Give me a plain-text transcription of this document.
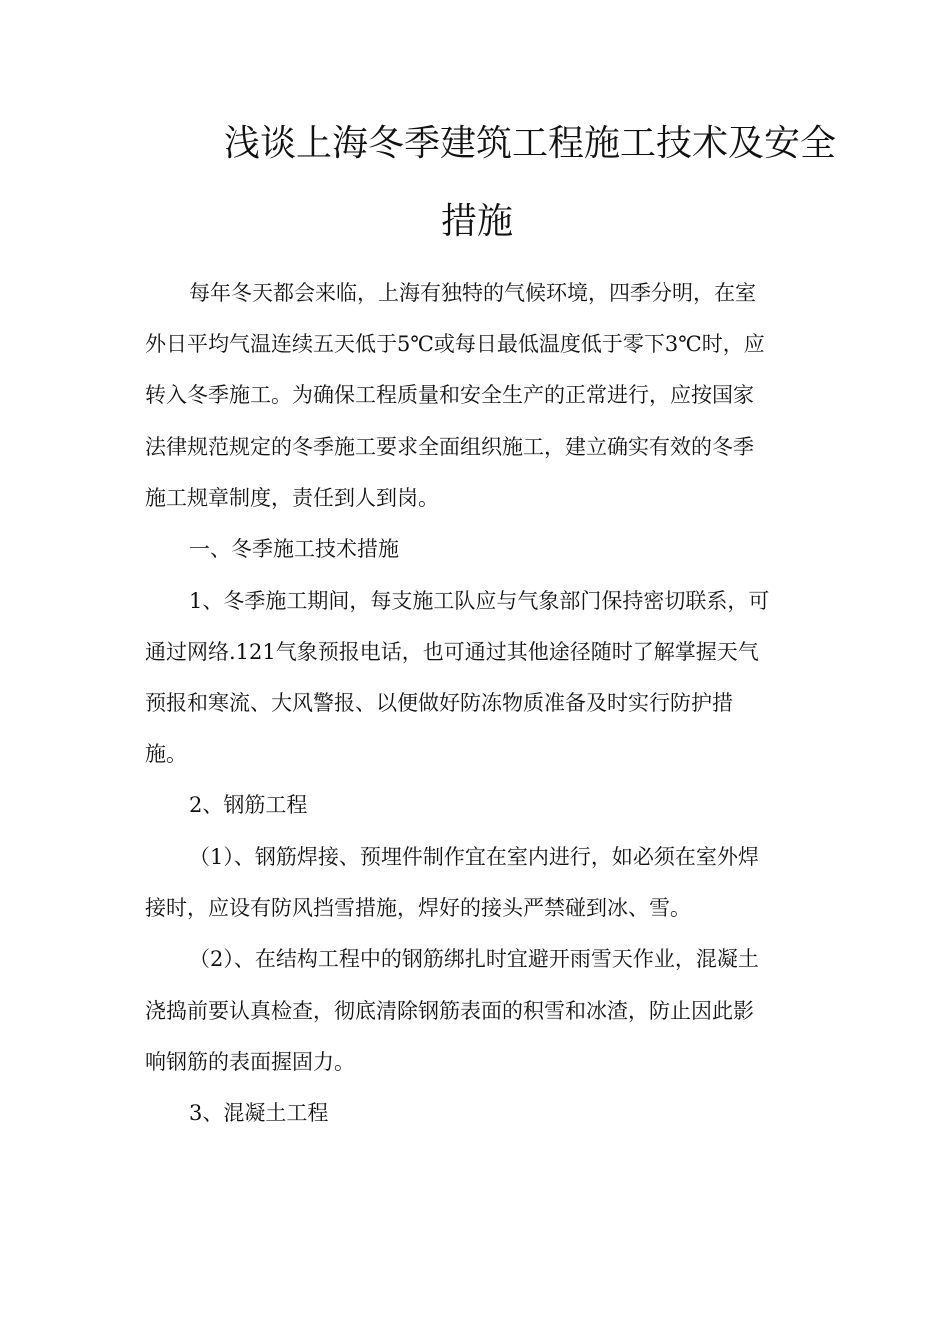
浅谈上海冬季建筑工程施工技术及安全
措施
每年冬天都会来临，上海有独特的气候环境，四季分明，在室
外日平均气温连续五天低于5℃或每日最低温度低于零下3℃时，应
转入冬季施工。为确保工程质量和安全生产的正常进行，应按国家
法律规范规定的冬季施工要求全面组织施工，建立确实有效的冬季
施工规章制度，责任到人到岗。
一、冬季施工技术措施
1、冬季施工期间，每支施工队应与气象部门保持密切联系，可
通过网络.121气象预报电话，也可通过其他途径随时了解掌握天气
预报和寒流、大风警报、以便做好防冻物质准备及时实行防护措
施。
2、钢筋工程
（1）、钢筋焊接、预埋件制作宜在室内进行，如必须在室外焊
接时，应设有防风挡雪措施，焊好的接头严禁碰到冰、雪。
（2）、在结构工程中的钢筋绑扎时宜避开雨雪天作业，混凝土
浇捣前要认真检查，彻底清除钢筋表面的积雪和冰渣，防止因此影
响钢筋的表面握固力。
3、混凝土工程
